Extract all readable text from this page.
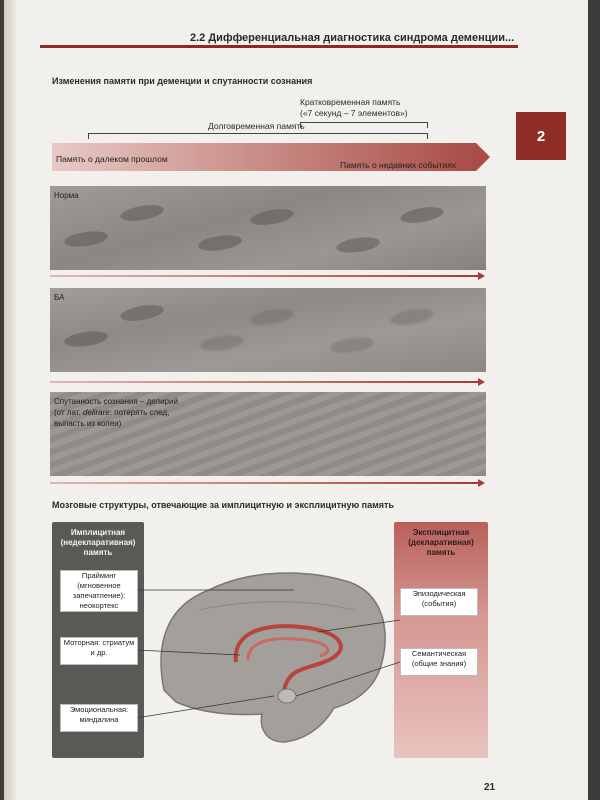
2.2 Дифференциальная диагностика синдрома деменции...
2
Изменения памяти при деменции и спутанности сознания
Кратковременная память
(«7 секунд – 7 элементов»)
Долговременная память
Память о далеком прошлом
Память о недавних событиях
Норма
БА
Спутанность сознания – делирий
(от лат. delirare: потерять след,
выпасть из колеи)
Мозговые структуры, отвечающие за имплицитную и эксплицитную память
Имплицитная (недекларативная) память
Эксплицитная (декларативная) память
Прайминг (мгновенное запечатление): неокортекс
Моторная: стриатум и др.
Эмоциональная: миндалина
Эпизодическая (события)
Семантическая (общие знания)
21
